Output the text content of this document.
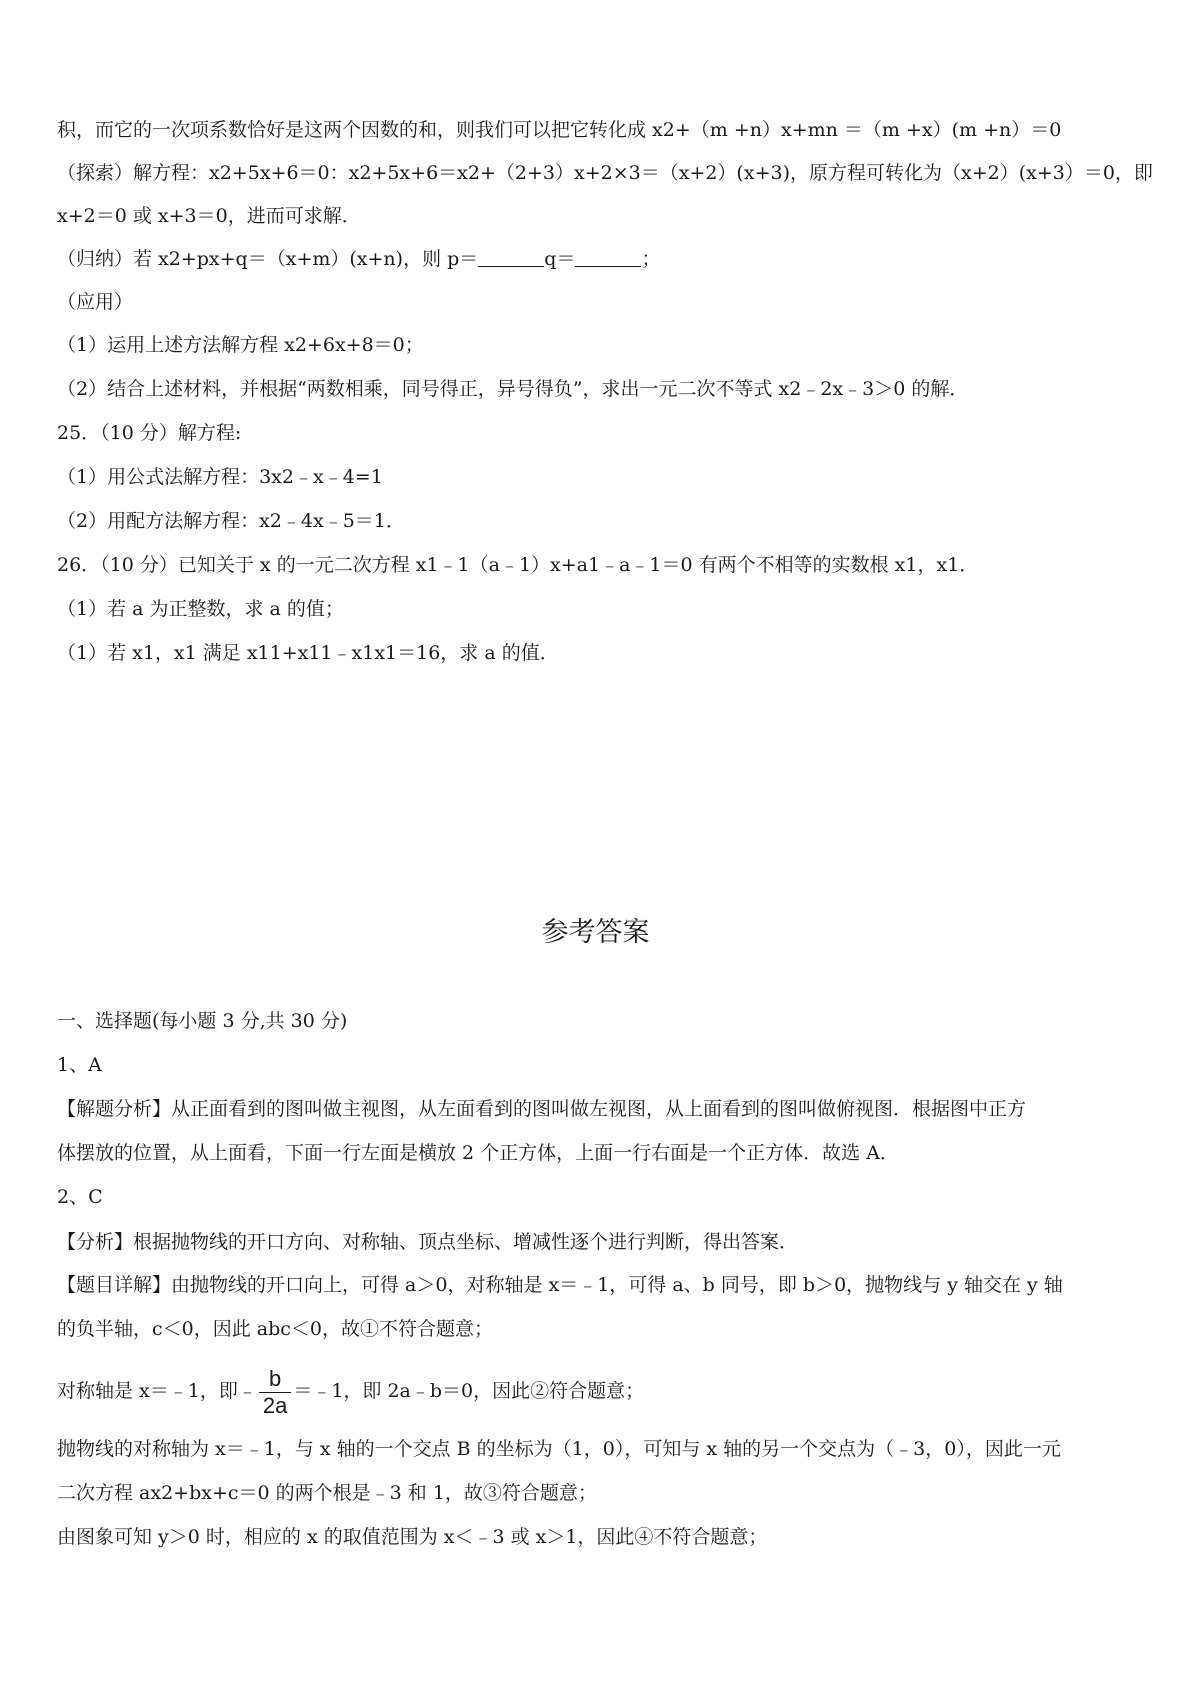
积，而它的一次项系数恰好是这两个因数的和，则我们可以把它转化成 x2+（m +n）x+mn ＝（m +x）(m +n）＝0
（探索）解方程：x2+5x+6＝0：x2+5x+6＝x2+（2+3）x+2×3＝（x+2）(x+3)，原方程可转化为（x+2）(x+3）＝0，即
x+2＝0 或 x+3＝0，进而可求解．
（归纳）若 x2+px+q＝（x+m）(x+n)，则 p＝	q＝	；
（应用）
（1）运用上述方法解方程 x2+6x+8＝0；
（2）结合上述材料，并根据“两数相乘，同号得正，异号得负”，求出一元二次不等式 x2﹣2x﹣3＞0 的解．
25．（10 分）解方程:
（1）用公式法解方程：3x2﹣x﹣4=1
（2）用配方法解方程：x2﹣4x﹣5＝1．
26．（10 分）已知关于 x 的一元二次方程 x1﹣1（a﹣1）x+a1﹣a﹣1＝0 有两个不相等的实数根 x1，x1．
（1）若 a 为正整数，求 a 的值；
（1）若 x1，x1 满足 x11+x11﹣x1x1＝16，求 a 的值．
参考答案
一、选择题(每小题 3 分,共 30 分)
1、A
【解题分析】从正面看到的图叫做主视图，从左面看到的图叫做左视图，从上面看到的图叫做俯视图．根据图中正方
体摆放的位置，从上面看，下面一行左面是横放 2 个正方体，上面一行右面是一个正方体．故选 A．
2、C
【分析】根据抛物线的开口方向、对称轴、顶点坐标、增减性逐个进行判断，得出答案．
【题目详解】由抛物线的开口向上，可得 a＞0，对称轴是 x＝﹣1，可得 a、b 同号，即 b＞0，抛物线与 y 轴交在 y 轴
的负半轴，c＜0，因此 abc＜0，故①不符合题意；
对称轴是 x＝﹣1，即﹣ $\frac{b}{2a}$ ＝﹣1，即 2a﹣b＝0，因此②符合题意；
抛物线的对称轴为 x＝﹣1，与 x 轴的一个交点 B 的坐标为（1，0），可知与 x 轴的另一个交点为（﹣3，0），因此一元
二次方程 ax2+bx+c＝0 的两个根是﹣3 和 1，故③符合题意；
由图象可知 y＞0 时，相应的 x 的取值范围为 x＜﹣3 或 x＞1，因此④不符合题意；
